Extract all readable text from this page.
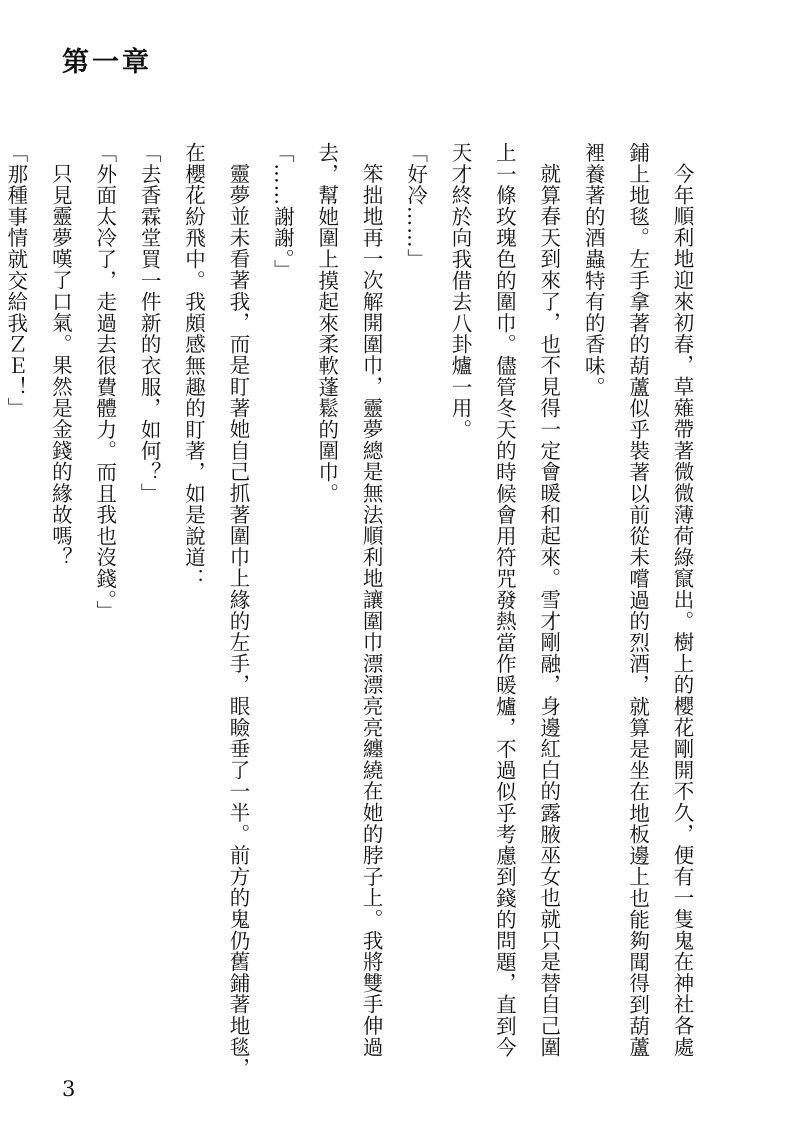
第一章

今年順利地迎來初春，草薙帶著微微薄荷綠竄出。樹上的櫻花剛開不久，便有一隻鬼在神社各處

鋪上地毯。左手拿著的葫蘆似乎裝著以前從未嚐過的烈酒，就算是坐在地板邊上也能夠聞得到葫蘆

裡養著的酒蟲特有的香味。

就算春天到來了，也不見得一定會暖和起來。雪才剛融，身邊紅白的露腋巫女也就只是替自己圍

上一條玫瑰色的圍巾。儘管冬天的時候會用符咒發熱當作暖爐，不過似乎考慮到錢的問題，直到今

天才終於向我借去八卦爐一用。

「好冷……」

笨拙地再一次解開圍巾，靈夢總是無法順利地讓圍巾漂漂亮亮纏繞在她的脖子上。我將雙手伸過

去，幫她圍上摸起來柔軟蓬鬆的圍巾。

「……謝謝。」

靈夢並未看著我，而是盯著她自己抓著圍巾上緣的左手，眼瞼垂了一半。前方的鬼仍舊鋪著地毯，

在櫻花紛飛中。我頗感無趣的盯著，如是說道：

「去香霖堂買一件新的衣服，如何？」

「外面太冷了，走過去很費體力。而且我也沒錢。」

只見靈夢嘆了口氣。果然是金錢的緣故嗎？

「那種事情就交給我ＺＥ！」

3
